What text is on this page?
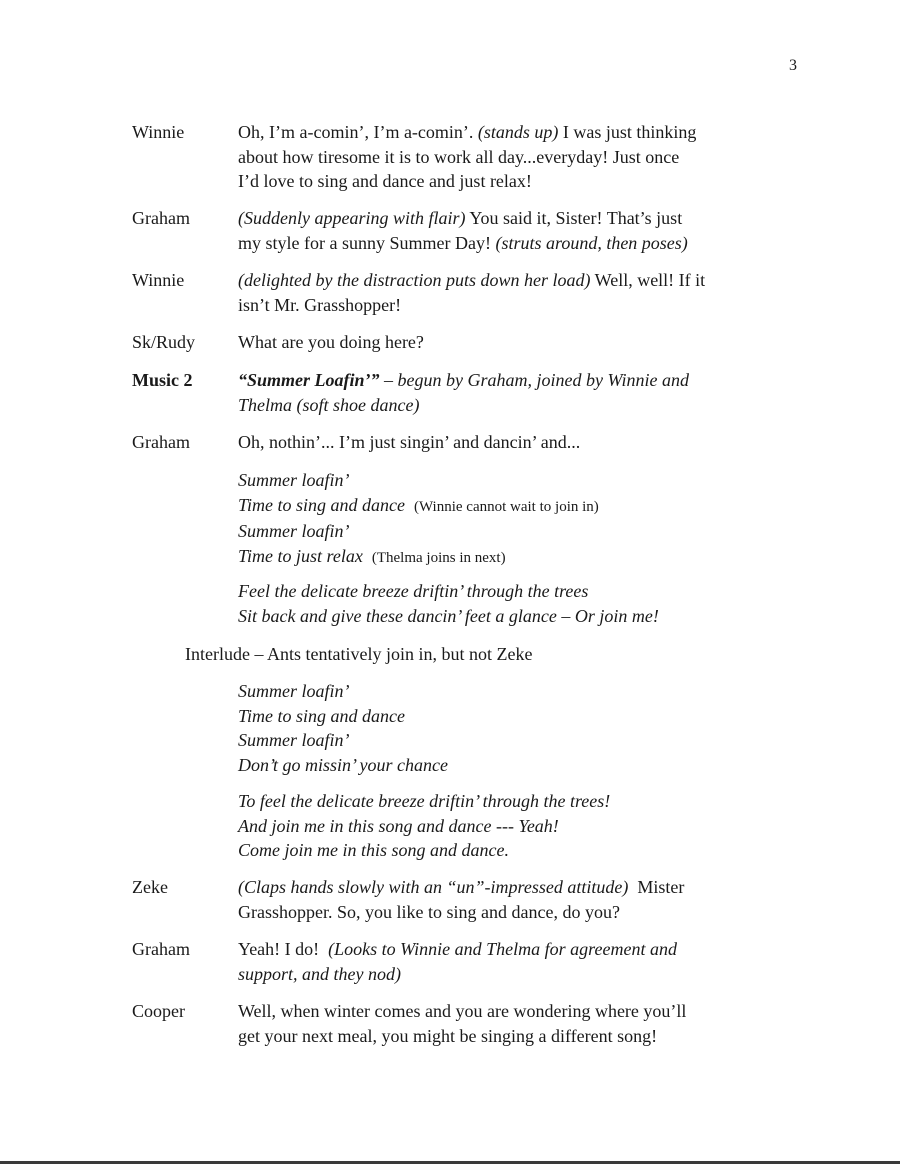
3
Winnie	Oh, I’m a-comin’, I’m a-comin’. (stands up) I was just thinking
about how tiresome it is to work all day...everyday! Just once
I’d love to sing and dance and just relax!
Graham	(Suddenly appearing with flair) You said it, Sister! That’s just
my style for a sunny Summer Day! (struts around, then poses)
Winnie	(delighted by the distraction puts down her load) Well, well! If it
isn’t Mr. Grasshopper!
Sk/Rudy	What are you doing here?
Music 2	“Summer Loafin’” – begun by Graham, joined by Winnie and
Thelma (soft shoe dance)
Graham	Oh, nothin’... I’m just singin’ and dancin’ and...
Summer loafin’
Time to sing and dance (Winnie cannot wait to join in)
Summer loafin’
Time to just relax (Thelma joins in next)
Feel the delicate breeze driftin’ through the trees
Sit back and give these dancin’ feet a glance – Or join me!
Interlude – Ants tentatively join in, but not Zeke
Summer loafin’
Time to sing and dance
Summer loafin’
Don’t go missin’ your chance
To feel the delicate breeze driftin’ through the trees!
And join me in this song and dance --- Yeah!
Come join me in this song and dance.
Zeke	(Claps hands slowly with an “un”-impressed attitude) Mister
Grasshopper. So, you like to sing and dance, do you?
Graham	Yeah! I do! (Looks to Winnie and Thelma for agreement and
support, and they nod)
Cooper	Well, when winter comes and you are wondering where you’ll
get your next meal, you might be singing a different song!
